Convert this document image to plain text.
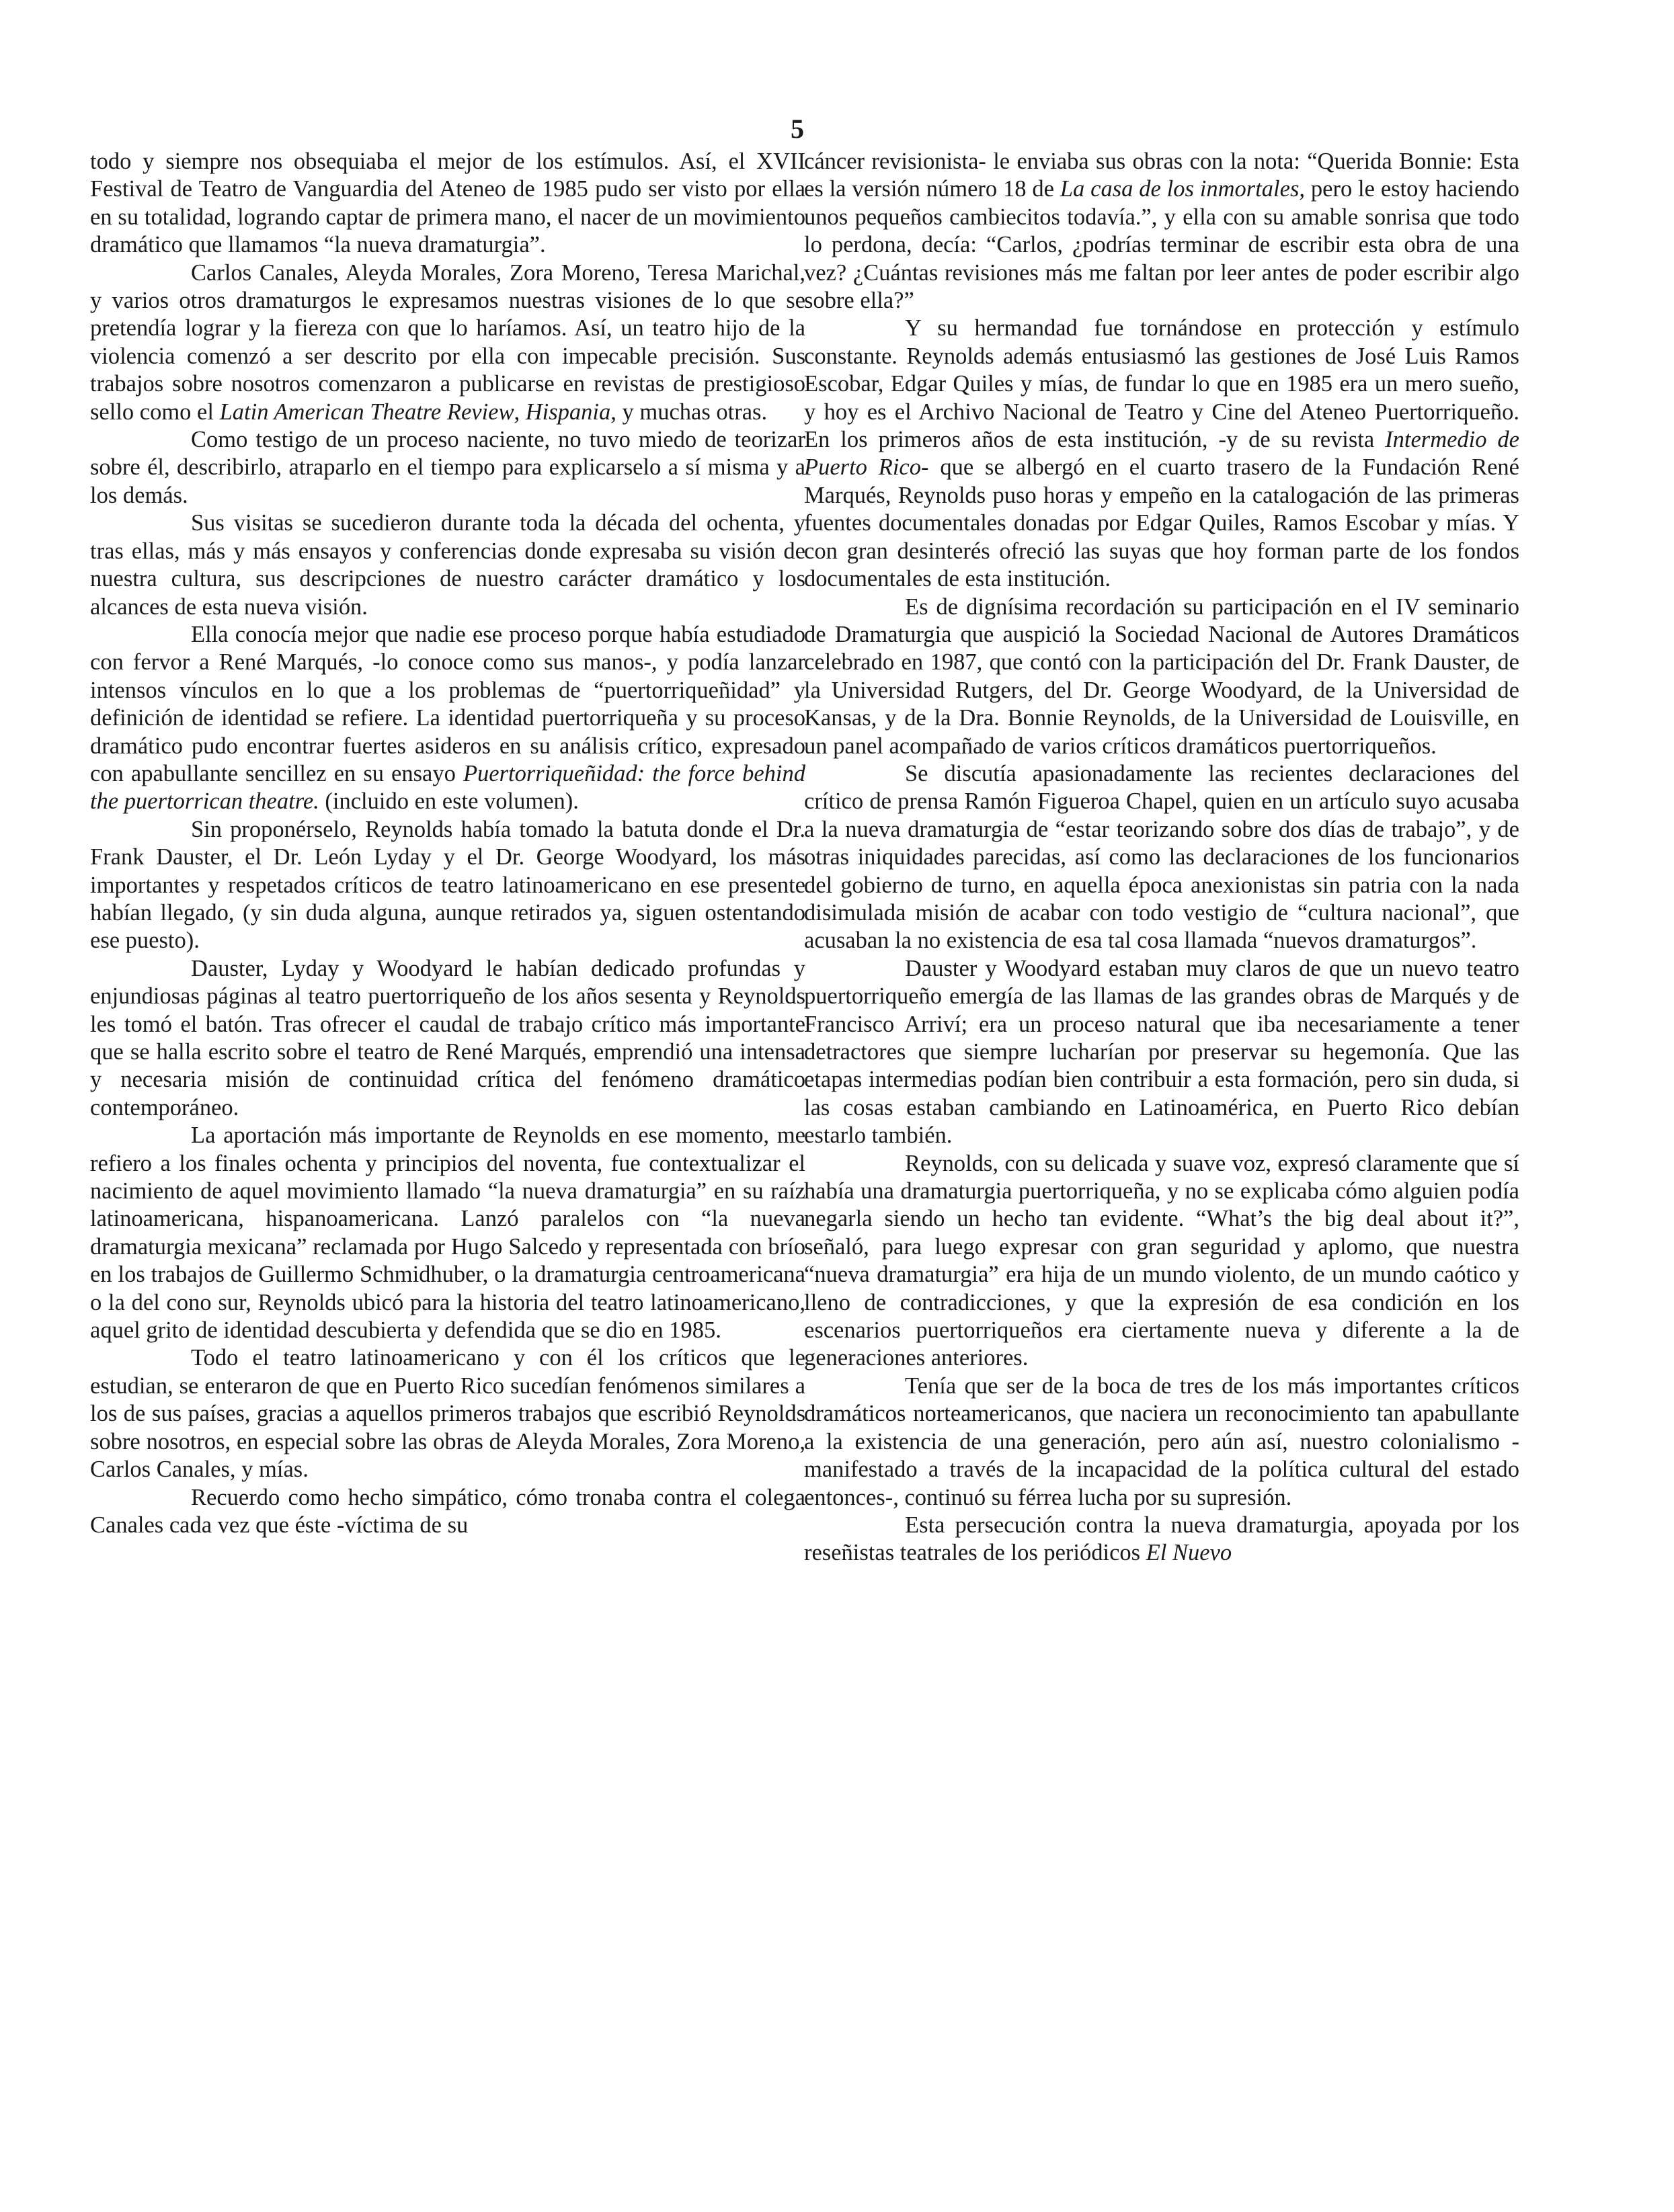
5

todo y siempre nos obsequiaba el mejor de los estímulos. Así, el XVII Festival de Teatro de Vanguardia del Ateneo de 1985 pudo ser visto por ella en su totalidad, logrando captar de primera mano, el nacer de un movimiento dramático que llamamos “la nueva dramaturgia”.

Carlos Canales, Aleyda Morales, Zora Moreno, Teresa Marichal, y varios otros dramaturgos le expresamos nuestras visiones de lo que se pretendía lograr y la fiereza con que lo haríamos. Así, un teatro hijo de la violencia comenzó a ser descrito por ella con impecable precisión. Sus trabajos sobre nosotros comenzaron a publicarse en revistas de prestigioso sello como el Latin American Theatre Review, Hispania, y muchas otras.

Como testigo de un proceso naciente, no tuvo miedo de teorizar sobre él, describirlo, atraparlo en el tiempo para explicarselo a sí misma y a los demás.

Sus visitas se sucedieron durante toda la década del ochenta, y tras ellas, más y más ensayos y conferencias donde expresaba su visión de nuestra cultura, sus descripciones de nuestro carácter dramático y los alcances de esta nueva visión.

Ella conocía mejor que nadie ese proceso porque había estudiado con fervor a René Marqués, -lo conoce como sus manos-, y podía lanzar intensos vínculos en lo que a los problemas de “puertorriqueñidad” y definición de identidad se refiere. La identidad puertorriqueña y su proceso dramático pudo encontrar fuertes asideros en su análisis crítico, expresado con apabullante sencillez en su ensayo Puertorriqueñidad: the force behind the puertorrican theatre. (incluido en este volumen).

Sin proponérselo, Reynolds había tomado la batuta donde el Dr. Frank Dauster, el Dr. León Lyday y el Dr. George Woodyard, los más importantes y respetados críticos de teatro latinoamericano en ese presente habían llegado, (y sin duda alguna, aunque retirados ya, siguen ostentando ese puesto).

Dauster, Lyday y Woodyard le habían dedicado profundas y enjundiosas páginas al teatro puertorriqueño de los años sesenta y Reynolds les tomó el batón. Tras ofrecer el caudal de trabajo crítico más importante que se halla escrito sobre el teatro de René Marqués, emprendió una intensa y necesaria misión de continuidad crítica del fenómeno dramático contemporáneo.

La aportación más importante de Reynolds en ese momento, me refiero a los finales ochenta y principios del noventa, fue contextualizar el nacimiento de aquel movimiento llamado “la nueva dramaturgia” en su raíz latinoamericana, hispanoamericana. Lanzó paralelos con “la nueva dramaturgia mexicana” reclamada por Hugo Salcedo y representada con brío en los trabajos de Guillermo Schmidhuber, o la dramaturgia centroamericana o la del cono sur, Reynolds ubicó para la historia del teatro latinoamericano, aquel grito de identidad descubierta y defendida que se dio en 1985.

Todo el teatro latinoamericano y con él los críticos que le estudian, se enteraron de que en Puerto Rico sucedían fenómenos similares a los de sus países, gracias a aquellos primeros trabajos que escribió Reynolds sobre nosotros, en especial sobre las obras de Aleyda Morales, Zora Moreno, Carlos Canales, y mías.

Recuerdo como hecho simpático, cómo tronaba contra el colega Canales cada vez que éste -víctima de su

cáncer revisionista- le enviaba sus obras con la nota: “Querida Bonnie: Esta es la versión número 18 de La casa de los inmortales, pero le estoy haciendo unos pequeños cambiecitos todavía.”, y ella con su amable sonrisa que todo lo perdona, decía: “Carlos, ¿podrías terminar de escribir esta obra de una vez? ¿Cuántas revisiones más me faltan por leer antes de poder escribir algo sobre ella?”

Y su hermandad fue tornándose en protección y estímulo constante. Reynolds además entusiasmó las gestiones de José Luis Ramos Escobar, Edgar Quiles y mías, de fundar lo que en 1985 era un mero sueño, y hoy es el Archivo Nacional de Teatro y Cine del Ateneo Puertorriqueño. En los primeros años de esta institución, -y de su revista Intermedio de Puerto Rico- que se albergó en el cuarto trasero de la Fundación René Marqués, Reynolds puso horas y empeño en la catalogación de las primeras fuentes documentales donadas por Edgar Quiles, Ramos Escobar y mías. Y con gran desinterés ofreció las suyas que hoy forman parte de los fondos documentales de esta institución.

Es de dignísima recordación su participación en el IV seminario de Dramaturgia que auspició la Sociedad Nacional de Autores Dramáticos celebrado en 1987, que contó con la participación del Dr. Frank Dauster, de la Universidad Rutgers, del Dr. George Woodyard, de la Universidad de Kansas, y de la Dra. Bonnie Reynolds, de la Universidad de Louisville, en un panel acompañado de varios críticos dramáticos puertorriqueños.

Se discutía apasionadamente las recientes declaraciones del crítico de prensa Ramón Figueroa Chapel, quien en un artículo suyo acusaba a la nueva dramaturgia de “estar teorizando sobre dos días de trabajo”, y de otras iniquidades parecidas, así como las declaraciones de los funcionarios del gobierno de turno, en aquella época anexionistas sin patria con la nada disimulada misión de acabar con todo vestigio de “cultura nacional”, que acusaban la no existencia de esa tal cosa llamada “nuevos dramaturgos”.

Dauster y Woodyard estaban muy claros de que un nuevo teatro puertorriqueño emergía de las llamas de las grandes obras de Marqués y de Francisco Arriví; era un proceso natural que iba necesariamente a tener detractores que siempre lucharían por preservar su hegemonía. Que las etapas intermedias podían bien contribuir a esta formación, pero sin duda, si las cosas estaban cambiando en Latinoamérica, en Puerto Rico debían estarlo también.

Reynolds, con su delicada y suave voz, expresó claramente que sí había una dramaturgia puertorriqueña, y no se explicaba cómo alguien podía negarla siendo un hecho tan evidente. “What’s the big deal about it?”, señaló, para luego expresar con gran seguridad y aplomo, que nuestra “nueva dramaturgia” era hija de un mundo violento, de un mundo caótico y lleno de contradicciones, y que la expresión de esa condición en los escenarios puertorriqueños era ciertamente nueva y diferente a la de generaciones anteriores.

Tenía que ser de la boca de tres de los más importantes críticos dramáticos norteamericanos, que naciera un reconocimiento tan apabullante a la existencia de una generación, pero aún así, nuestro colonialismo -manifestado a través de la incapacidad de la política cultural del estado entonces-, continuó su férrea lucha por su supresión.

Esta persecución contra la nueva dramaturgia, apoyada por los reseñistas teatrales de los periódicos El Nuevo
